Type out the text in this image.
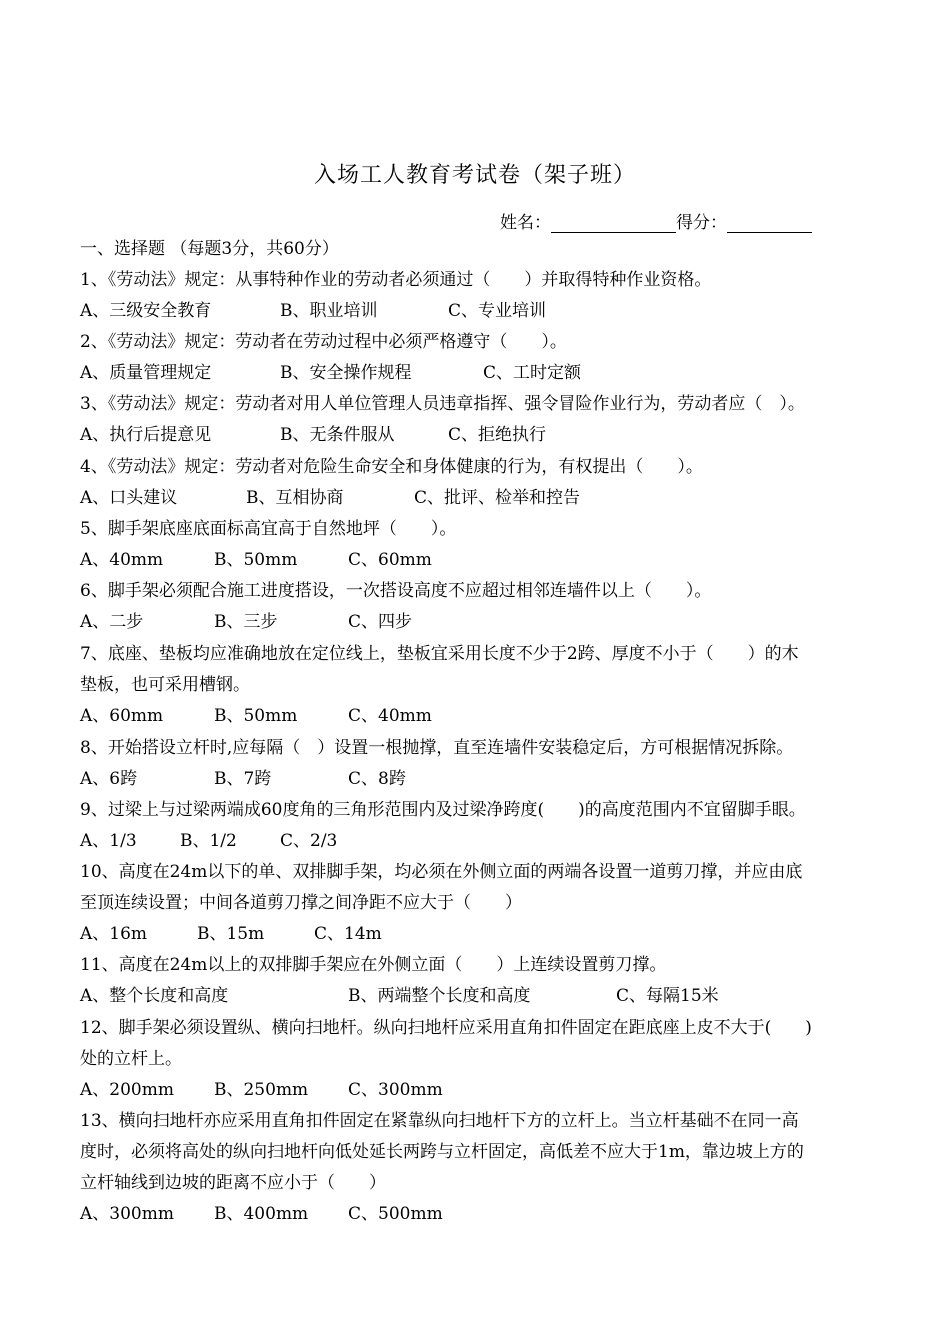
入场工人教育考试卷（架子班）
姓名：	得分：
一、选择题 （每题3分，共60分）
1、《劳动法》规定：从事特种作业的劳动者必须通过（　　）并取得特种作业资格。
A、三级安全教育	B、职业培训	C、专业培训
2、《劳动法》规定：劳动者在劳动过程中必须严格遵守（　　）。
A、质量管理规定	B、安全操作规程	C、工时定额
3、《劳动法》规定：劳动者对用人单位管理人员违章指挥、强令冒险作业行为，劳动者应（　）。
A、执行后提意见	B、无条件服从	C、拒绝执行
4、《劳动法》规定：劳动者对危险生命安全和身体健康的行为，有权提出（　　）。
A、口头建议	B、互相协商	C、批评、检举和控告
5、脚手架底座底面标高宜高于自然地坪（　　）。
A、40mm	B、50mm	C、60mm
6、脚手架必须配合施工进度搭设，一次搭设高度不应超过相邻连墙件以上（　　）。
A、二步	B、三步	C、四步
7、底座、垫板均应准确地放在定位线上，垫板宜采用长度不少于2跨、厚度不小于（　　）的木
垫板，也可采用槽钢。
A、60mm	B、50mm	C、40mm
8、开始搭设立杆时,应每隔（　）设置一根抛撑，直至连墙件安装稳定后，方可根据情况拆除。
A、6跨	B、7跨	C、8跨
9、过梁上与过梁两端成60度角的三角形范围内及过梁净跨度(　　)的高度范围内不宜留脚手眼。
A、1/3	B、1/2	C、2/3
10、高度在24m以下的单、双排脚手架，均必须在外侧立面的两端各设置一道剪刀撑，并应由底
至顶连续设置；中间各道剪刀撑之间净距不应大于（　　）
A、16m	B、15m	C、14m
11、高度在24m以上的双排脚手架应在外侧立面（　　）上连续设置剪刀撑。
A、整个长度和高度	B、两端整个长度和高度	C、每隔15米
12、脚手架必须设置纵、横向扫地杆。纵向扫地杆应采用直角扣件固定在距底座上皮不大于(　　)
处的立杆上。
A、200mm B、250mm C、300mm
13、横向扫地杆亦应采用直角扣件固定在紧靠纵向扫地杆下方的立杆上。当立杆基础不在同一高
度时，必须将高处的纵向扫地杆向低处延长两跨与立杆固定，高低差不应大于1m，靠边坡上方的
立杆轴线到边坡的距离不应小于（　　）
A、300mm B、400mm C、500mm
